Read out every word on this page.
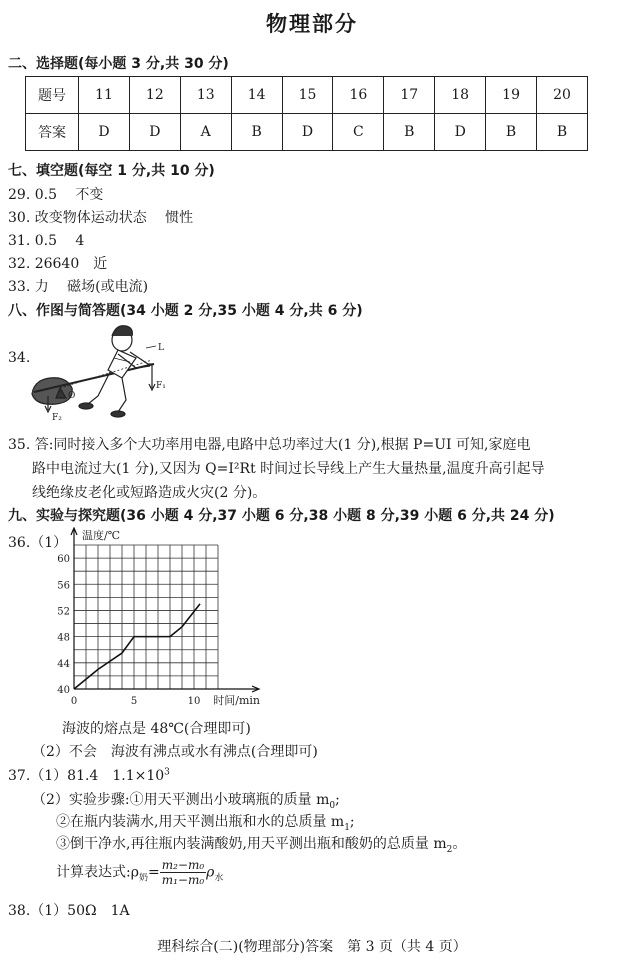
物理部分
二、选择题(每小题 3 分,共 30 分)
题号	11	12	13	14	15	16	17	18	19	20
答案	D	D	A	B	D	C	B	D	B	B
七、填空题(每空 1 分,共 10 分)
29. 0.5　 不变
30. 改变物体运动状态　 惯性
31. 0.5　 4
32. 26640　近
33. 力　 磁场(或电流)
八、作图与简答题(34 小题 2 分,35 小题 4 分,共 6 分)
34.
F₁
F₂
L
O
35. 答:同时接入多个大功率用电器,电路中总功率过大(1 分),根据 P=UI 可知,家庭电
路中电流过大(1 分),又因为 Q=I²Rt 时间过长导线上产生大量热量,温度升高引起导
线绝缘皮老化或短路造成火灾(2 分)。
九、实验与探究题(36 小题 4 分,37 小题 6 分,38 小题 8 分,39 小题 6 分,共 24 分)
36.（1）
40
44
48
52
56
60
0	5	10
温度/℃
时间/min
海波的熔点是 48℃(合理即可)
（2）不会　海波有沸点或水有沸点(合理即可)
37.（1）81.4　$1.1\times 10^3$
（2）实验步骤:①用天平测出小玻璃瓶的质量 $m_0$;
②在瓶内装满水,用天平测出瓶和水的总质量 $m_1$;
③倒干净水,再往瓶内装满酸奶,用天平测出瓶和酸奶的总质量 $m_2$。
计算表达式$:\rho_奶= \frac{\text{m₂−m₀}}{\text{m₁−m₀}} \rho_水$
38.（1）50Ω　1A
理科综合(二)(物理部分)答案　第 3 页（共 4 页）
